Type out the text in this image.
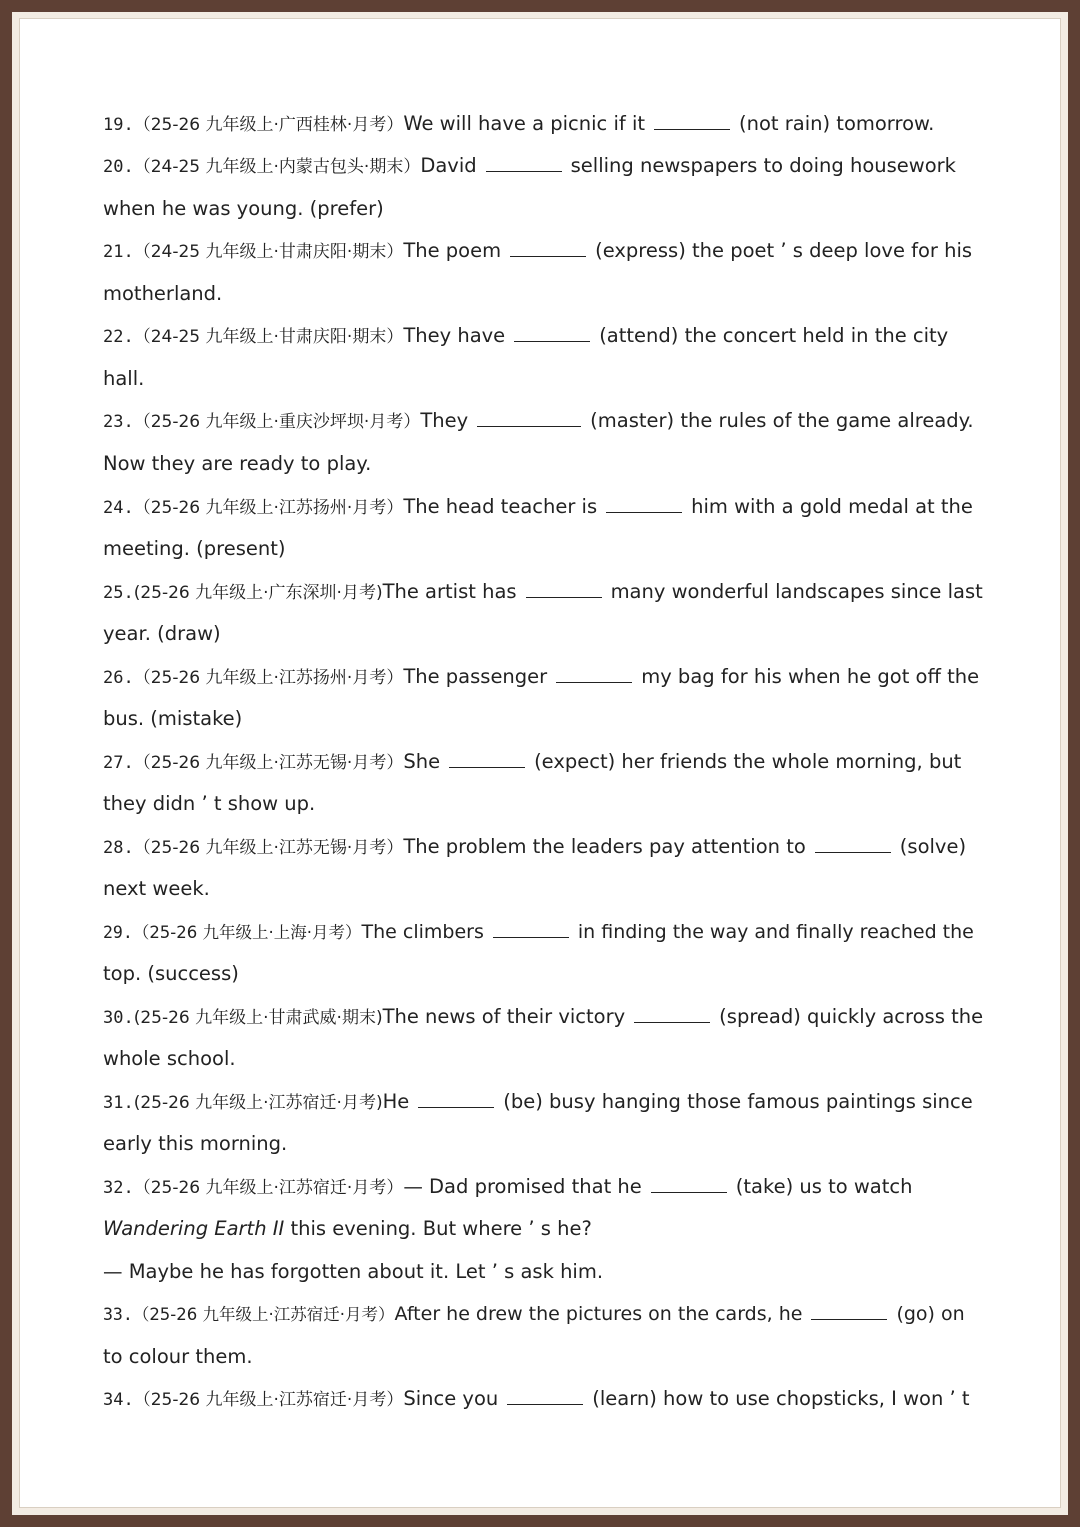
19.（25-26 九年级上·广西桂林·月考）We will have a picnic if it	(not rain) tomorrow.
20.（24-25 九年级上·内蒙古包头·期末）David	selling newspapers to doing housework
when he was young. (prefer)
21.（24-25 九年级上·甘肃庆阳·期末）The poem	(express) the poet ’ s deep love for his
motherland.
22.（24-25 九年级上·甘肃庆阳·期末）They have	(attend) the concert held in the city
hall.
23.（25-26 九年级上·重庆沙坪坝·月考）They	(master) the rules of the game already.
Now they are ready to play.
24.（25-26 九年级上·江苏扬州·月考）The head teacher is	him with a gold medal at the
meeting. (present)
25.(25-26 九年级上·广东深圳·月考)The artist has	many wonderful landscapes since last
year. (draw)
26.（25-26 九年级上·江苏扬州·月考）The passenger	my bag for his when he got off the
bus. (mistake)
27.（25-26 九年级上·江苏无锡·月考）She	(expect) her friends the whole morning, but
they didn ’ t show up.
28.（25-26 九年级上·江苏无锡·月考）The problem the leaders pay attention to	(solve)
next week.
29.（25-26 九年级上·上海·月考）The climbers	in finding the way and finally reached the
top. (success)
30.(25-26 九年级上·甘肃武威·期末)The news of their victory	(spread) quickly across the
whole school.
31.(25-26 九年级上·江苏宿迁·月考)He	(be) busy hanging those famous paintings since
early this morning.
32.（25-26 九年级上·江苏宿迁·月考）— Dad promised that he	(take) us to watch
Wandering Earth II this evening. But where ’ s he?
— Maybe he has forgotten about it. Let ’ s ask him.
33.（25-26 九年级上·江苏宿迁·月考）After he drew the pictures on the cards, he	(go) on
to colour them.
34.（25-26 九年级上·江苏宿迁·月考）Since you	(learn) how to use chopsticks, I won ’ t
